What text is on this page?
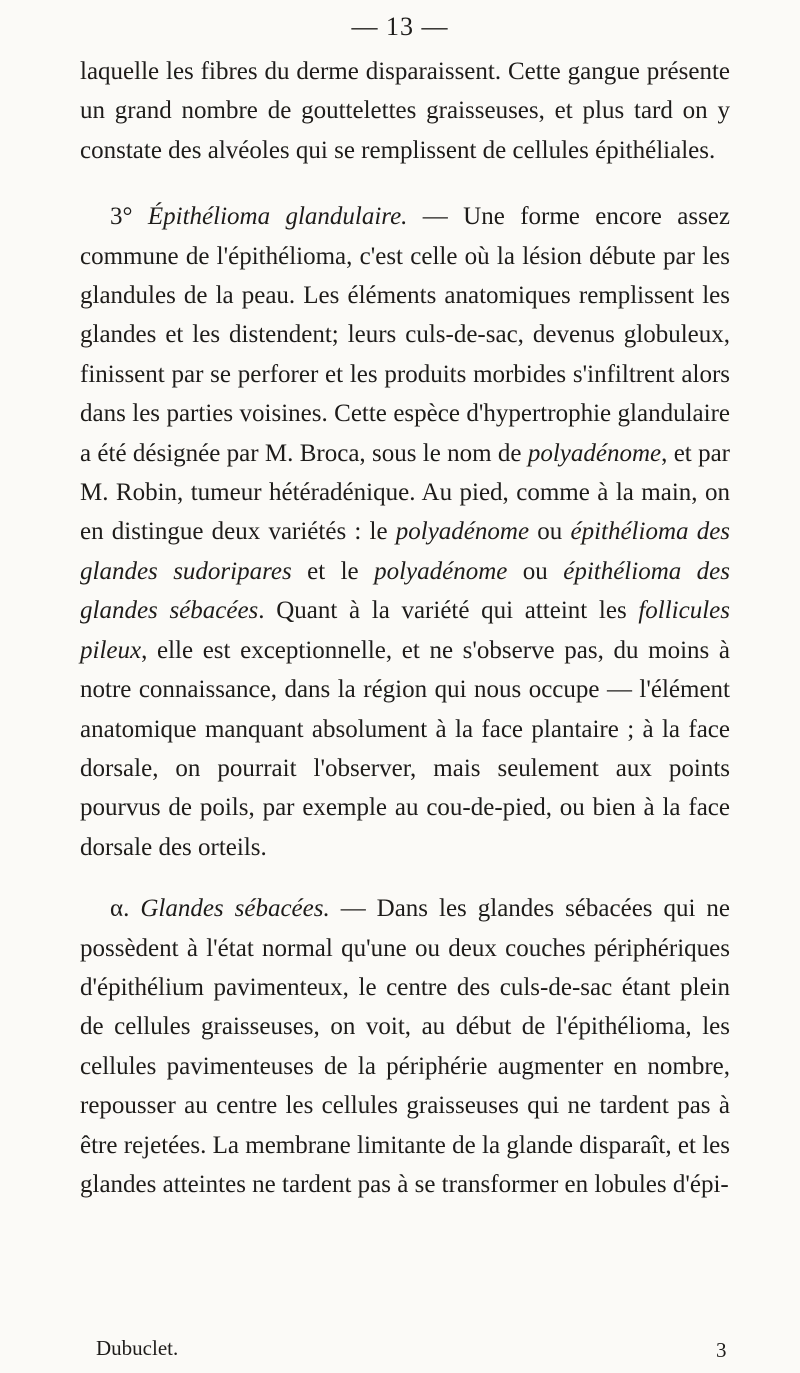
— 13 —

laquelle les fibres du derme disparaissent. Cette gangue présente un grand nombre de gouttelettes graisseuses, et plus tard on y constate des alvéoles qui se remplissent de cellules épithéliales.

3° Épithélioma glandulaire. — Une forme encore assez commune de l'épithélioma, c'est celle où la lésion débute par les glandules de la peau. Les éléments anatomiques remplissent les glandes et les distendent; leurs culs-de-sac, devenus globuleux, finissent par se perforer et les produits morbides s'infiltrent alors dans les parties voisines. Cette espèce d'hypertrophie glandulaire a été désignée par M. Broca, sous le nom de polyadénome, et par M. Robin, tumeur hétéradénique. Au pied, comme à la main, on en distingue deux variétés : le polyadénome ou épithélioma des glandes sudoripares et le polyadénome ou épithélioma des glandes sébacées. Quant à la variété qui atteint les follicules pileux, elle est exceptionnelle, et ne s'observe pas, du moins à notre connaissance, dans la région qui nous occupe — l'élément anatomique manquant absolument à la face plantaire ; à la face dorsale, on pourrait l'observer, mais seulement aux points pourvus de poils, par exemple au cou-de-pied, ou bien à la face dorsale des orteils.

α. Glandes sébacées. — Dans les glandes sébacées qui ne possèdent à l'état normal qu'une ou deux couches périphériques d'épithélium pavimenteux, le centre des culs-de-sac étant plein de cellules graisseuses, on voit, au début de l'épithélioma, les cellules pavimenteuses de la périphérie augmenter en nombre, repousser au centre les cellules graisseuses qui ne tardent pas à être rejetées. La membrane limitante de la glande disparaît, et les glandes atteintes ne tardent pas à se transformer en lobules d'épi-

Dubuclet.	3
